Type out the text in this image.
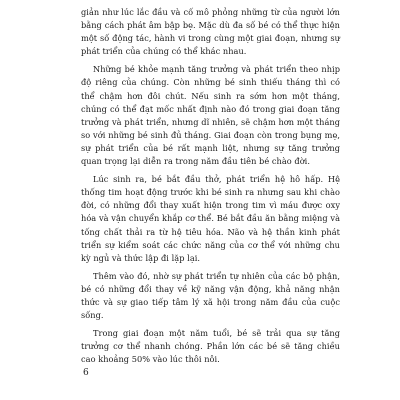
giản như lúc lắc đầu và cố mô phỏng những từ của người lớn bằng cách phát âm bập bẹ. Mặc dù đa số bé có thể thực hiện một số động tác, hành vi trong cùng một giai đoạn, nhưng sự phát triển của chúng có thể khác nhau.

Những bé khỏe mạnh tăng trưởng và phát triển theo nhịp độ riêng của chúng. Còn những bé sinh thiếu tháng thì có thể chậm hơn đôi chút. Nếu sinh ra sớm hơn một tháng, chúng có thể đạt mốc nhất định nào đó trong giai đoạn tăng trưởng và phát triển, nhưng dĩ nhiên, sẽ chậm hơn một tháng so với những bé sinh đủ tháng. Giai đoạn còn trong bụng mẹ, sự phát triển của bé rất mạnh liệt, nhưng sự tăng trưởng quan trọng lại diễn ra trong năm đầu tiên bé chào đời.

Lúc sinh ra, bé bắt đầu thở, phát triển hệ hô hấp. Hệ thống tim hoạt động trước khi bé sinh ra nhưng sau khi chào đời, có những đổi thay xuất hiện trong tim vì máu được oxy hóa và vận chuyển khắp cơ thể. Bé bắt đầu ăn bằng miệng và tống chất thải ra từ hệ tiêu hóa. Não và hệ thần kinh phát triển sự kiểm soát các chức năng của cơ thể với những chu kỳ ngủ và thức lập đi lặp lại.

Thêm vào đó, nhờ sự phát triển tự nhiên của các bộ phận, bé có những đổi thay về kỹ năng vận động, khả năng nhận thức và sự giao tiếp tâm lý xã hội trong năm đầu của cuộc sống.

Trong giai đoạn một năm tuổi, bé sẽ trải qua sự tăng trưởng cơ thể nhanh chóng. Phần lớn các bé sẽ tăng chiều cao khoảng 50% vào lúc thôi nôi.

6
